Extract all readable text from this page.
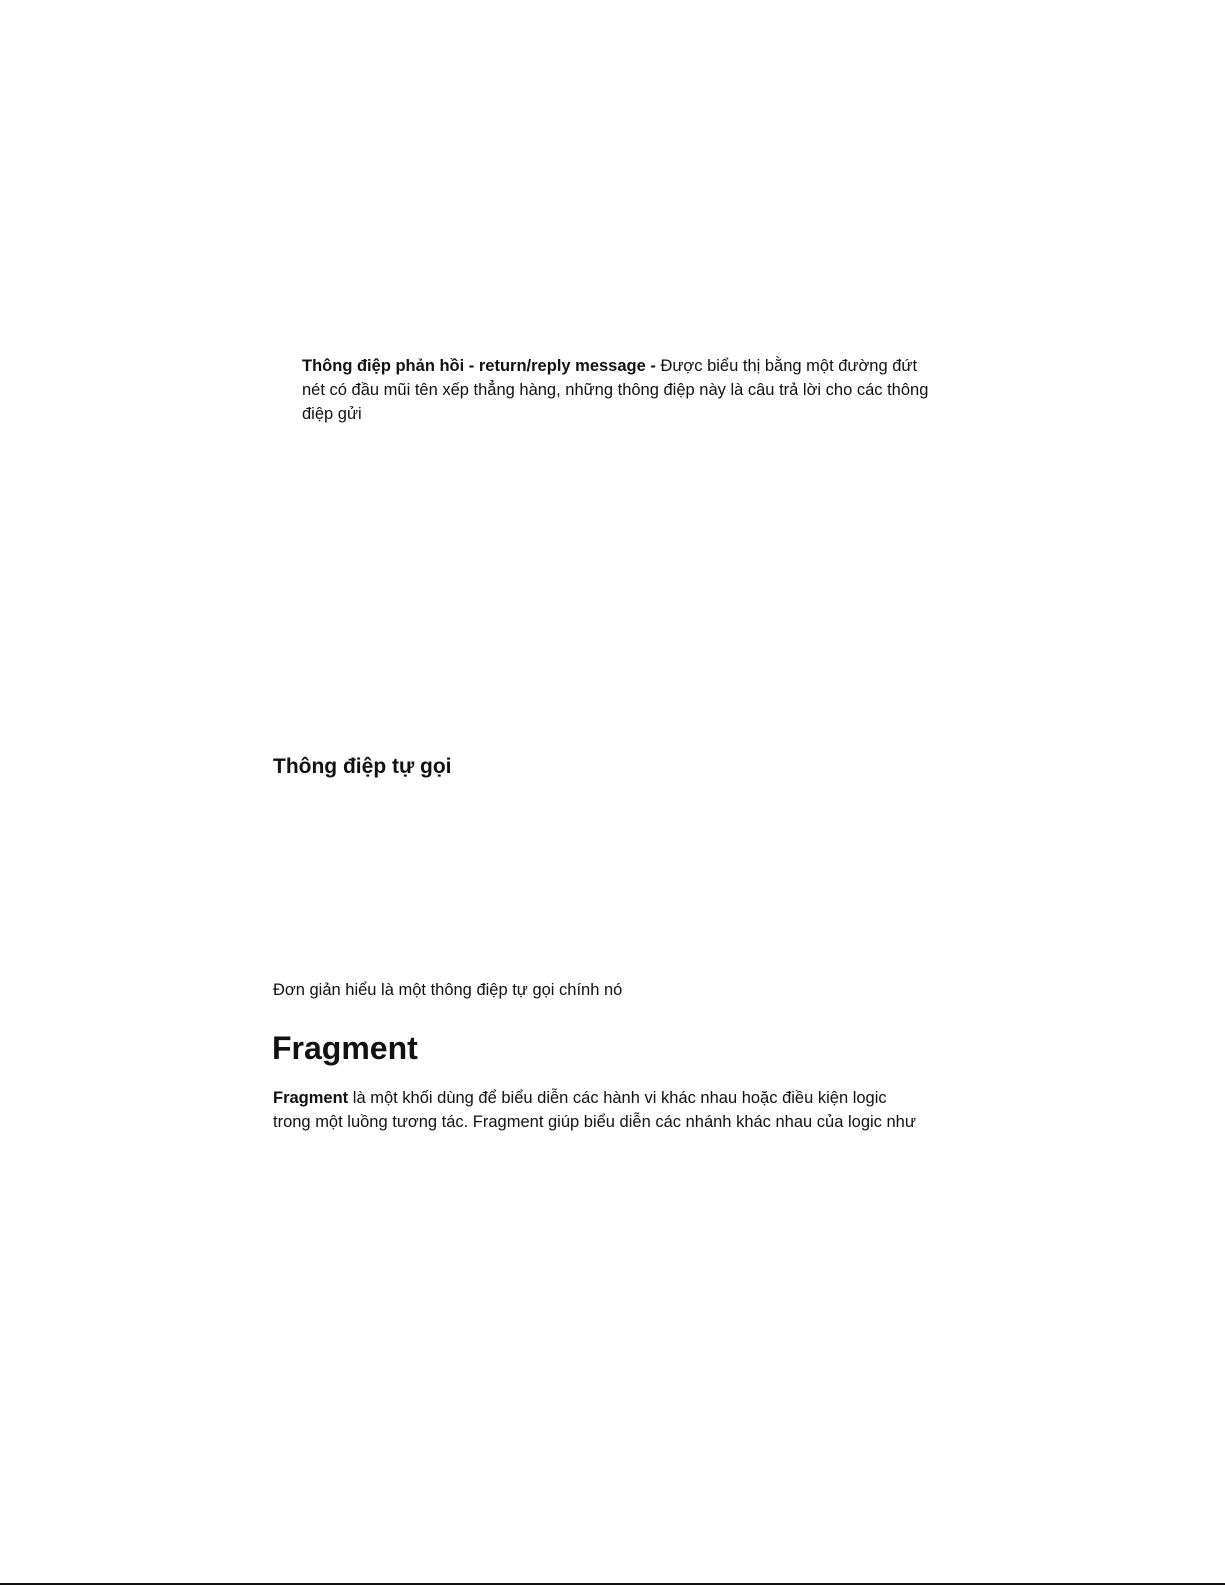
Thông điệp phản hồi - return/reply message - Được biểu thị bằng một đường đứt nét có đầu mũi tên xếp thẳng hàng, những thông điệp này là câu trả lời cho các thông điệp gửi

Thông điệp tự gọi

Đơn giản hiểu là một thông điệp tự gọi chính nó

Fragment

Fragment là một khối dùng để biểu diễn các hành vi khác nhau hoặc điều kiện logic
trong một luồng tương tác. Fragment giúp biểu diễn các nhánh khác nhau của logic như
